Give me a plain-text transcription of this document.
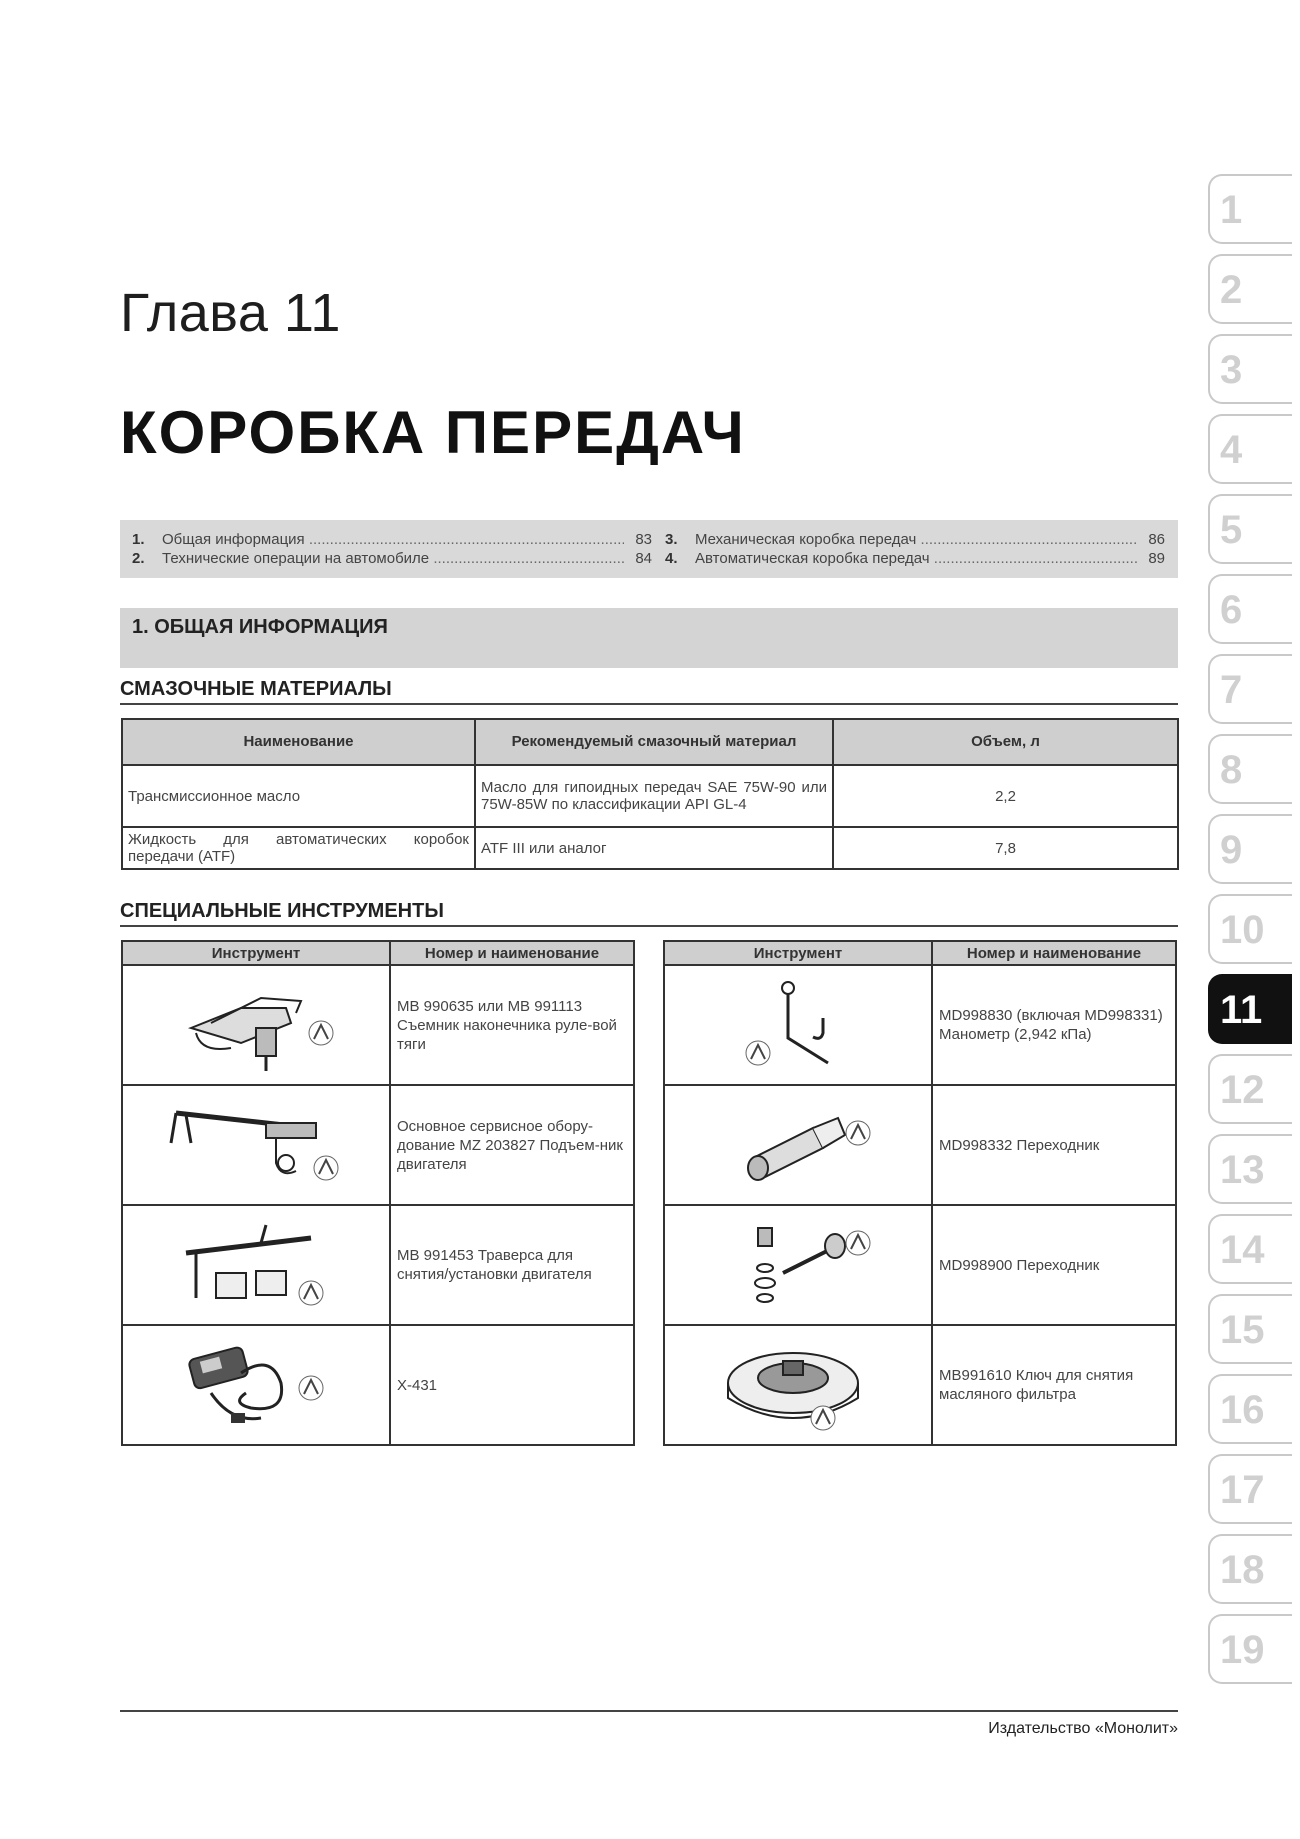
Глава 11
КОРОБКА ПЕРЕДАЧ
1.	Общая информация .....	83
2.	Технические операции на автомобиле .....	84
3.	Механическая коробка передач .....	86
4.	Автоматическая коробка передач .....	89
1. ОБЩАЯ ИНФОРМАЦИЯ
СМАЗОЧНЫЕ МАТЕРИАЛЫ
Наименование	Рекомендуемый смазочный материал	Объем, л
Трансмиссионное масло	Масло для гипоидных передач SAE 75W-90 или 75W-85W по классификации API GL-4	2,2
Жидкость для автоматических коробок передачи (ATF)	ATF III или аналог	7,8
СПЕЦИАЛЬНЫЕ ИНСТРУМЕНТЫ
Инструмент	Номер и наименование
	MB 990635 или MB 991113 Съемник наконечника руле-вой тяги
	Основное сервисное обору-дование MZ 203827 Подъем-ник двигателя
	MB 991453 Траверса для снятия/установки двигателя
	X-431
Инструмент	Номер и наименование
	MD998830 (включая MD998331) Манометр (2,942 кПа)
	MD998332 Переходник
	MD998900 Переходник
	MB991610 Ключ для снятия масляного фильтра
1
2
3
4
5
6
7
8
9
10
11
12
13
14
15
16
17
18
19
Издательство «Монолит»
